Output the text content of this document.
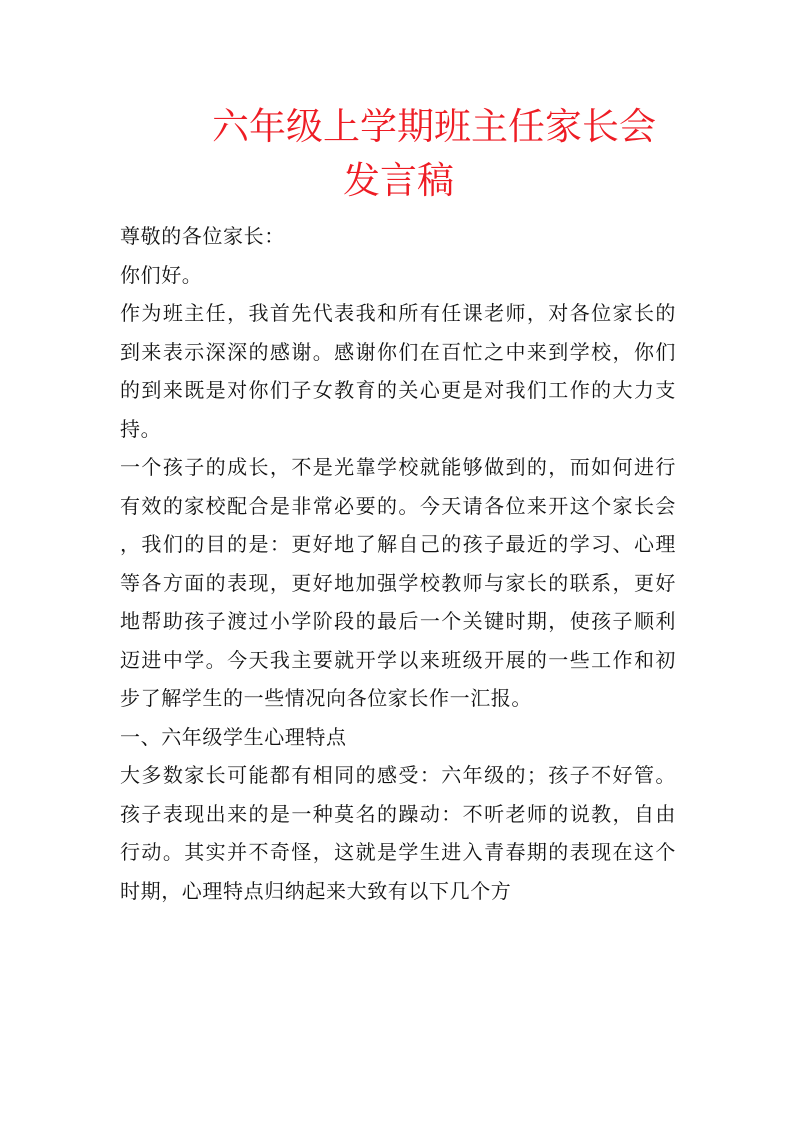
六年级上学期班主任家长会
发言稿

尊敬的各位家长：

你们好。

作为班主任，我首先代表我和所有任课老师，对各位家长的到来表示深深的感谢。感谢你们在百忙之中来到学校，你们的到来既是对你们子女教育的关心更是对我们工作的大力支持。

一个孩子的成长，不是光靠学校就能够做到的，而如何进行有效的家校配合是非常必要的。今天请各位来开这个家长会，我们的目的是：更好地了解自己的孩子最近的学习、心理等各方面的表现，更好地加强学校教师与家长的联系，更好地帮助孩子渡过小学阶段的最后一个关键时期，使孩子顺利迈进中学。今天我主要就开学以来班级开展的一些工作和初步了解学生的一些情况向各位家长作一汇报。

一、六年级学生心理特点

大多数家长可能都有相同的感受：六年级的；孩子不好管。孩子表现出来的是一种莫名的躁动：不听老师的说教，自由行动。其实并不奇怪，这就是学生进入青春期的表现在这个时期，心理特点归纳起来大致有以下几个方
